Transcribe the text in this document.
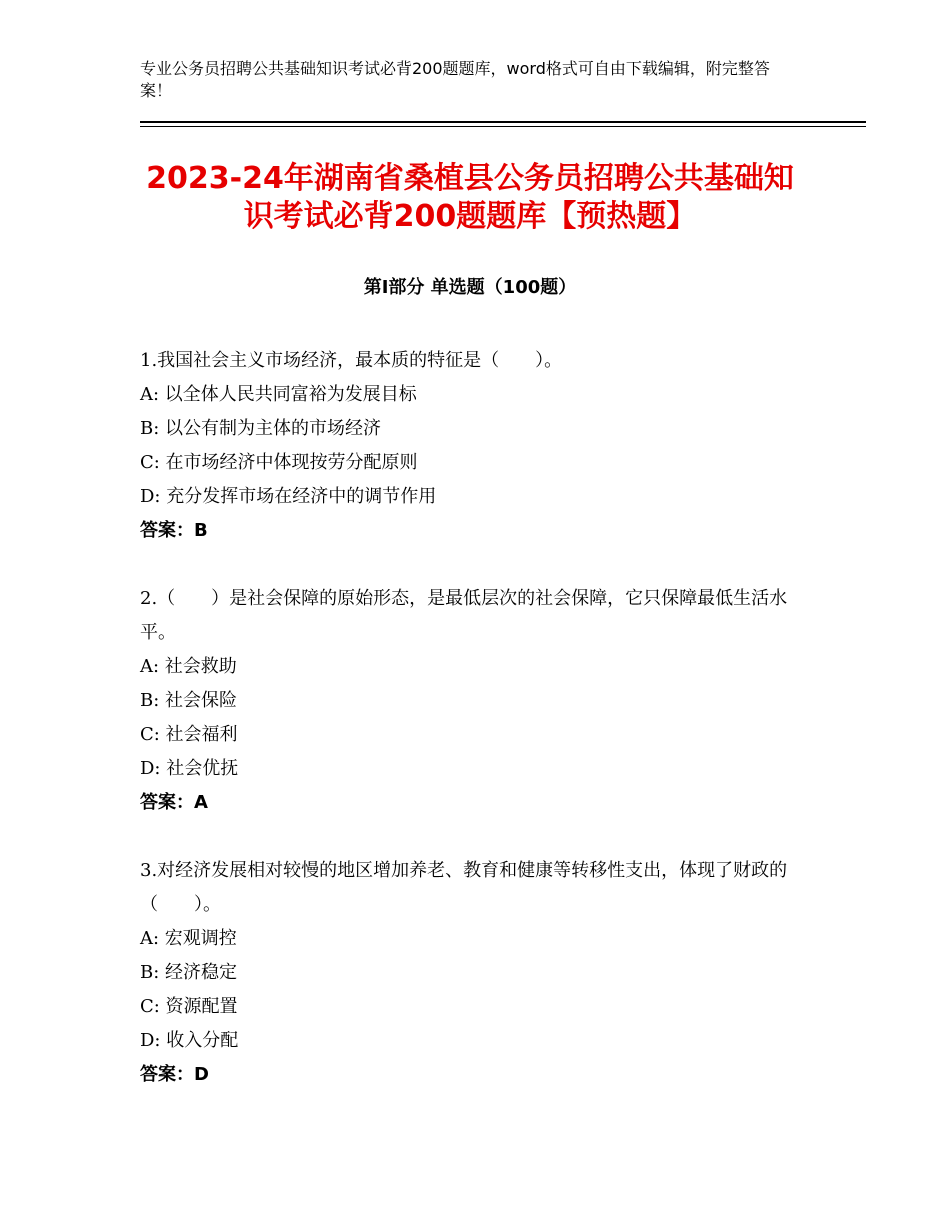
专业公务员招聘公共基础知识考试必背200题题库，word格式可自由下载编辑，附完整答案！
2023-24年湖南省桑植县公务员招聘公共基础知识考试必背200题题库【预热题】
第Ⅰ部分 单选题（100题）
1.我国社会主义市场经济，最本质的特征是（　　）。
A: 以全体人民共同富裕为发展目标
B: 以公有制为主体的市场经济
C: 在市场经济中体现按劳分配原则
D: 充分发挥市场在经济中的调节作用
答案：B
2.（　　）是社会保障的原始形态，是最低层次的社会保障，它只保障最低生活水平。
A: 社会救助
B: 社会保险
C: 社会福利
D: 社会优抚
答案：A
3.对经济发展相对较慢的地区增加养老、教育和健康等转移性支出，体现了财政的（　　）。
A: 宏观调控
B: 经济稳定
C: 资源配置
D: 收入分配
答案：D
